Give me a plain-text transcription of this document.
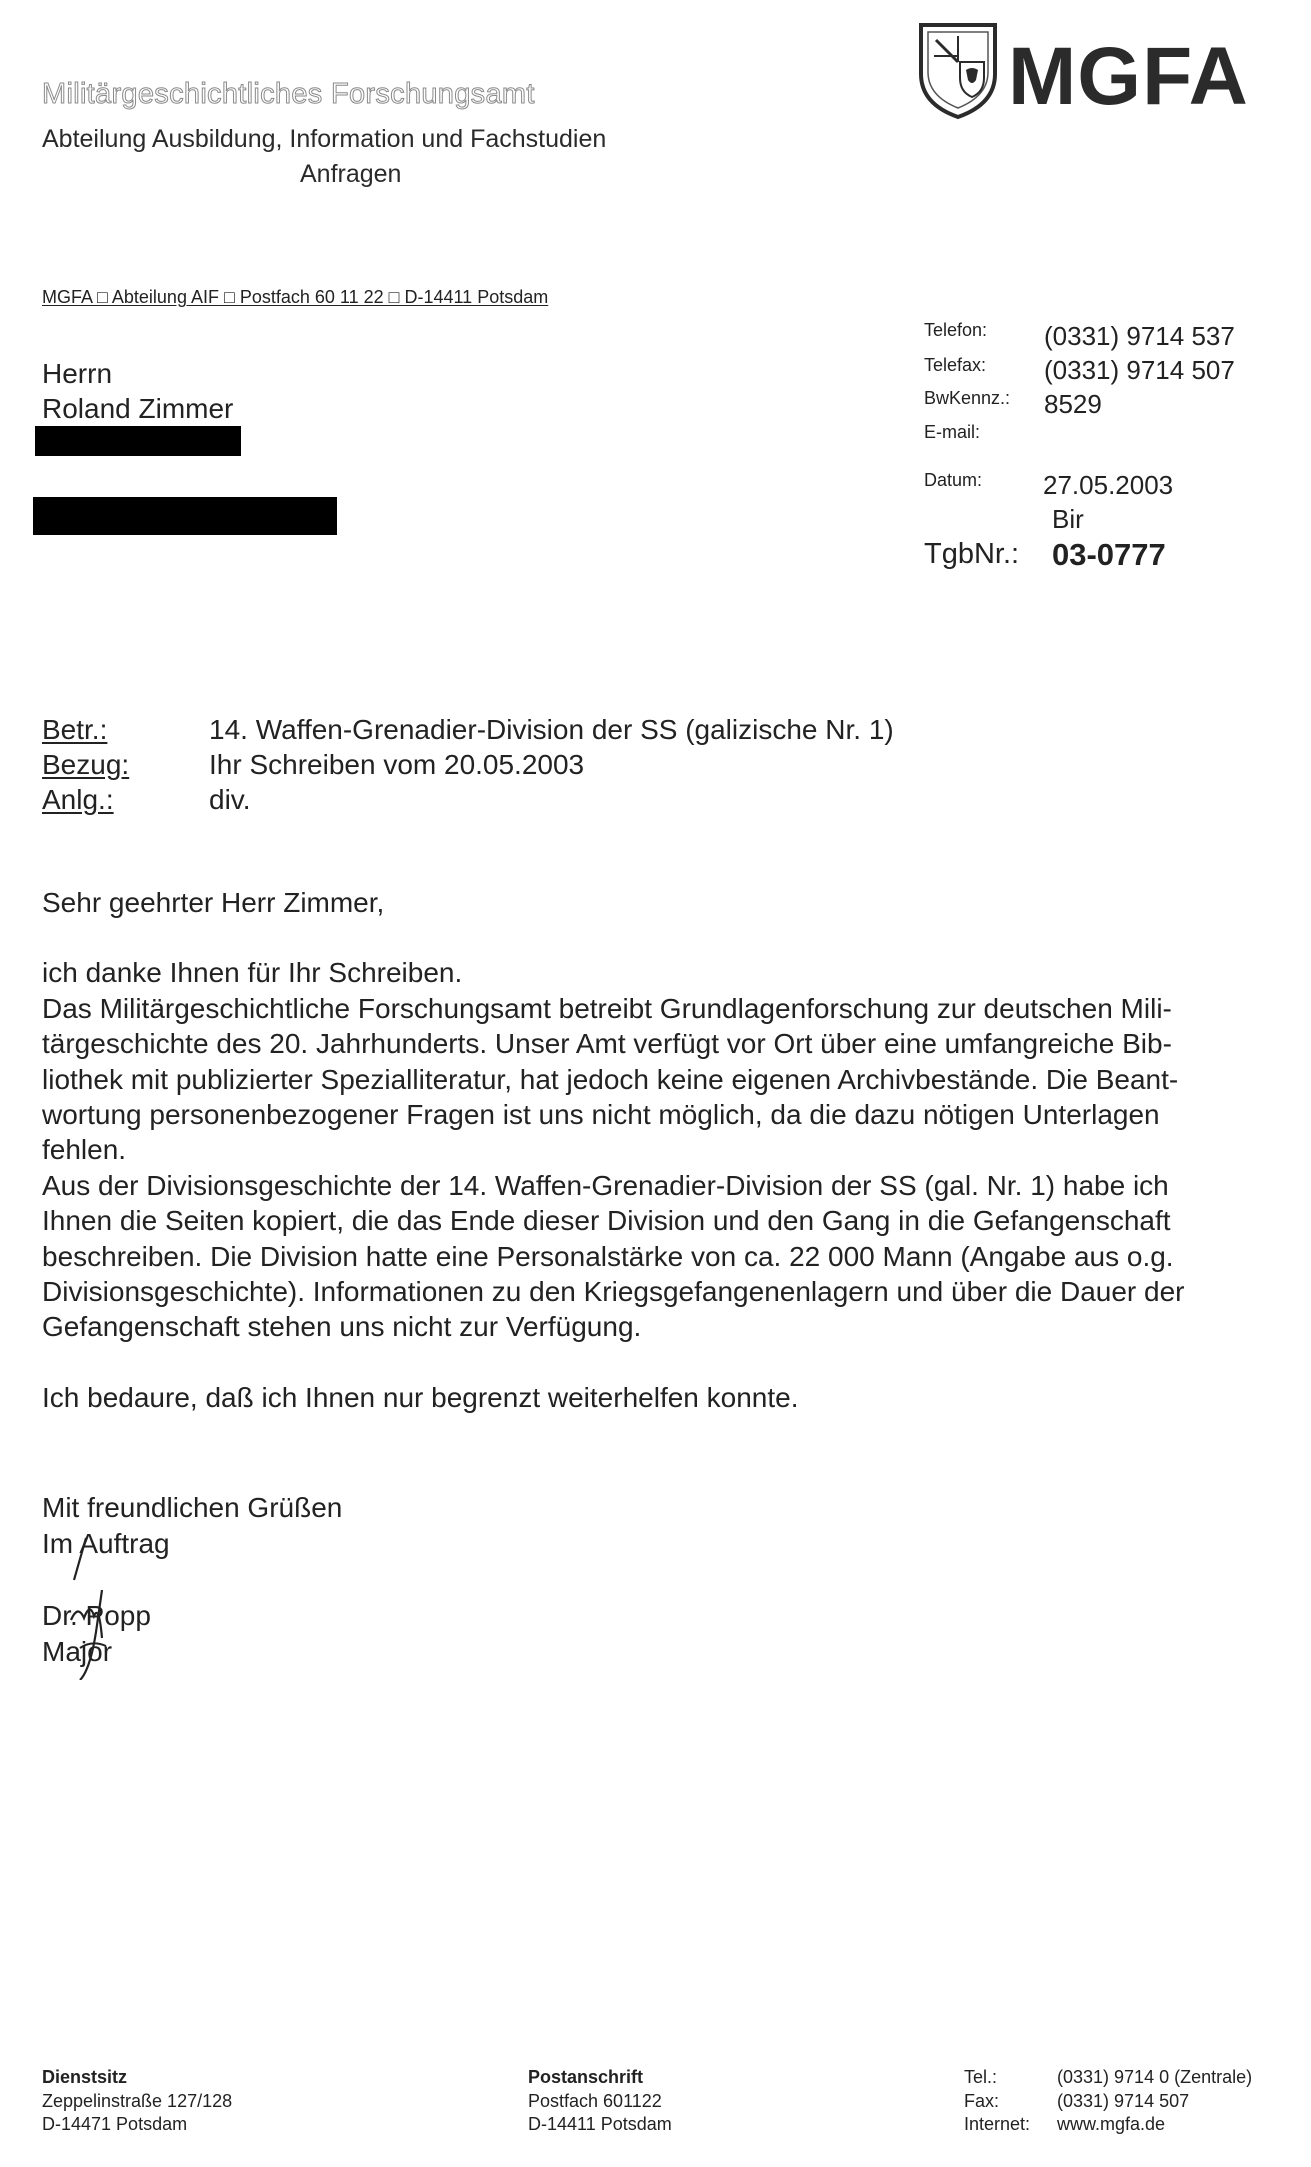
Militärgeschichtliches Forschungsamt
Abteilung Ausbildung, Information und Fachstudien
Anfragen
MGFA
MGFA □ Abteilung AIF □ Postfach 60 11 22 □ D-14411 Potsdam
Herrn
Roland Zimmer
Telefon: (0331) 9714 537
Telefax: (0331) 9714 507
BwKennz.: 8529
E-mail:
Datum: 27.05.2003
Bir
TgbNr.: 03-0777
Betr.:	14. Waffen-Grenadier-Division der SS (galizische Nr. 1)
Bezug:	Ihr Schreiben vom 20.05.2003
Anlg.:	div.

Sehr geehrter Herr Zimmer,

ich danke Ihnen für Ihr Schreiben.

Das Militärgeschichtliche Forschungsamt betreibt Grundlagenforschung zur deutschen Mili-

tärgeschichte des 20. Jahrhunderts. Unser Amt verfügt vor Ort über eine umfangreiche Bib-

liothek mit publizierter Spezialliteratur, hat jedoch keine eigenen Archivbestände. Die Beant-

wortung personenbezogener Fragen ist uns nicht möglich, da die dazu nötigen Unterlagen

fehlen.

Aus der Divisionsgeschichte der 14. Waffen-Grenadier-Division der SS (gal. Nr. 1) habe ich

Ihnen die Seiten kopiert, die das Ende dieser Division und den Gang in die Gefangenschaft

beschreiben. Die Division hatte eine Personalstärke von ca. 22 000 Mann (Angabe aus o.g.

Divisionsgeschichte). Informationen zu den Kriegsgefangenenlagern und über die Dauer der

Gefangenschaft stehen uns nicht zur Verfügung.

Ich bedaure, daß ich Ihnen nur begrenzt weiterhelfen konnte.

Mit freundlichen Grüßen
Im Auftrag
Dr. Popp
Major
Dienstsitz
Zeppelinstraße 127/128
D-14471 Potsdam
Postanschrift
Postfach 601122
D-14411 Potsdam
Tel.:	(0331) 9714 0 (Zentrale)
Fax:	(0331) 9714 507
Internet:	www.mgfa.de
